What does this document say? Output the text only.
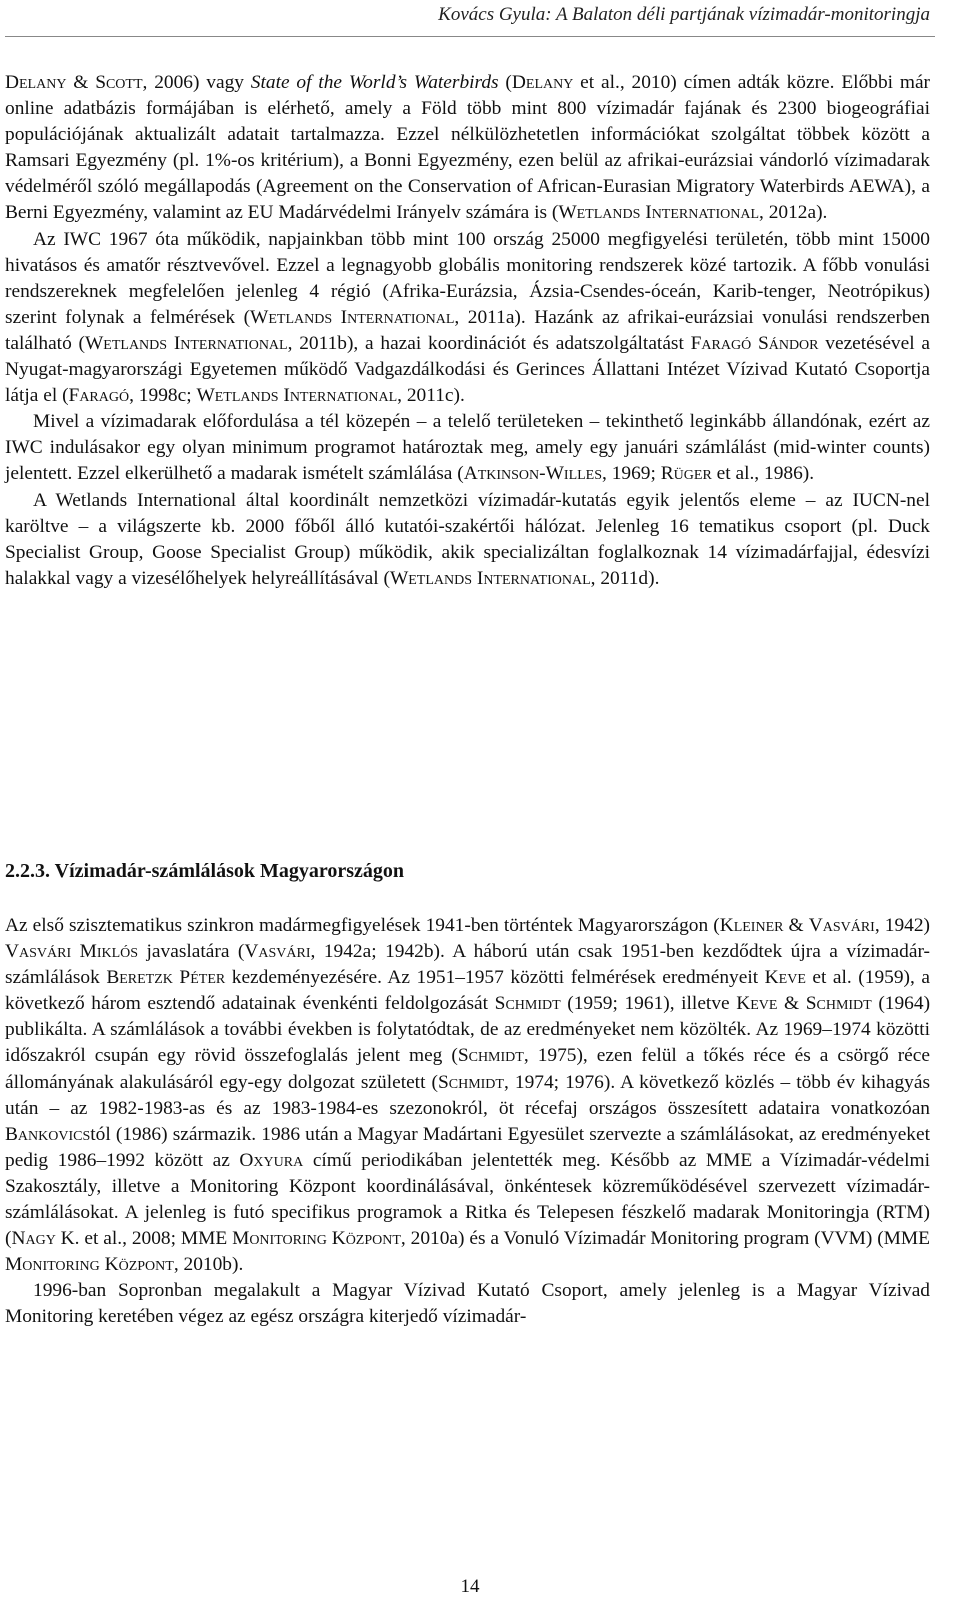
Kovács Gyula: A Balaton déli partjának vízimadár-monitoringja

Delany & Scott, 2006) vagy State of the World’s Waterbirds (Delany et al., 2010) címen adták közre. Előbbi már online adatbázis formájában is elérhető, amely a Föld több mint 800 vízimadár fajának és 2300 biogeográfiai populációjának aktualizált adatait tartalmazza. Ezzel nélkülözhetetlen információkat szolgáltat többek között a Ramsari Egyezmény (pl. 1%-os kritérium), a Bonni Egyezmény, ezen belül az afrikai-eurázsiai vándorló vízimadarak védelméről szóló megállapodás (Agreement on the Conservation of African-Eurasian Migratory Waterbirds AEWA), a Berni Egyezmény, valamint az EU Madárvédelmi Irányelv számára is (Wetlands International, 2012a).

Az IWC 1967 óta működik, napjainkban több mint 100 ország 25000 megfigyelési területén, több mint 15000 hivatásos és amatőr résztvevővel. Ezzel a legnagyobb globális monitoring rendszerek közé tartozik. A főbb vonulási rendszereknek megfelelően jelenleg 4 régió (Afrika-Eurázsia, Ázsia-Csendes-óceán, Karib-tenger, Neotrópikus) szerint folynak a felmérések (Wetlands International, 2011a). Hazánk az afrikai-eurázsiai vonulási rendszerben található (Wetlands International, 2011b), a hazai koordinációt és adatszolgáltatást Faragó Sándor vezetésével a Nyugat-magyarországi Egyetemen működő Vadgazdálkodási és Gerinces Állattani Intézet Vízivad Kutató Csoportja látja el (Faragó, 1998c; Wetlands International, 2011c).

Mivel a vízimadarak előfordulása a tél közepén – a telelő területeken – tekinthető leginkább állandónak, ezért az IWC indulásakor egy olyan minimum programot határoztak meg, amely egy januári számlálást (mid-winter counts) jelentett. Ezzel elkerülhető a madarak ismételt számlálása (Atkinson-Willes, 1969; Rüger et al., 1986).

A Wetlands International által koordinált nemzetközi vízimadár-kutatás egyik jelentős eleme – az IUCN-nel karöltve – a világszerte kb. 2000 főből álló kutatói-szakértői hálózat. Jelenleg 16 tematikus csoport (pl. Duck Specialist Group, Goose Specialist Group) működik, akik specializáltan foglalkoznak 14 vízimadárfajjal, édesvízi halakkal vagy a vizesélőhelyek helyreállításával (Wetlands International, 2011d).

2.2.3. Vízimadár-számlálások Magyarországon

Az első szisztematikus szinkron madármegfigyelések 1941-ben történtek Magyarországon (Kleiner & Vasvári, 1942) Vasvári Miklós javaslatára (Vasvári, 1942a; 1942b). A háború után csak 1951-ben kezdődtek újra a vízimadár-számlálások Beretzk Péter kezdeményezésére. Az 1951–1957 közötti felmérések eredményeit Keve et al. (1959), a következő három esztendő adatainak évenkénti feldolgozását Schmidt (1959; 1961), illetve Keve & Schmidt (1964) publikálta. A számlálások a további években is folytatódtak, de az eredményeket nem közölték. Az 1969–1974 közötti időszakról csupán egy rövid összefoglalás jelent meg (Schmidt, 1975), ezen felül a tőkés réce és a csörgő réce állományának alakulásáról egy-egy dolgozat született (Schmidt, 1974; 1976). A következő közlés – több év kihagyás után – az 1982-1983-as és az 1983-1984-es szezonokról, öt récefaj országos összesített adataira vonatkozóan Bankovicstól (1986) származik. 1986 után a Magyar Madártani Egyesület szervezte a számlálásokat, az eredményeket pedig 1986–1992 között az Oxyura című periodikában jelentették meg. Később az MME a Vízimadár-védelmi Szakosztály, illetve a Monitoring Központ koordinálásával, önkéntesek közreműködésével szervezett vízimadár-számlálásokat. A jelenleg is futó specifikus programok a Ritka és Telepesen fészkelő madarak Monitoringja (RTM) (Nagy K. et al., 2008; MME Monitoring Központ, 2010a) és a Vonuló Vízimadár Monitoring program (VVM) (MME Monitoring Központ, 2010b).

1996-ban Sopronban megalakult a Magyar Vízivad Kutató Csoport, amely jelenleg is a Magyar Vízivad Monitoring keretében végez az egész országra kiterjedő vízimadár-

14
